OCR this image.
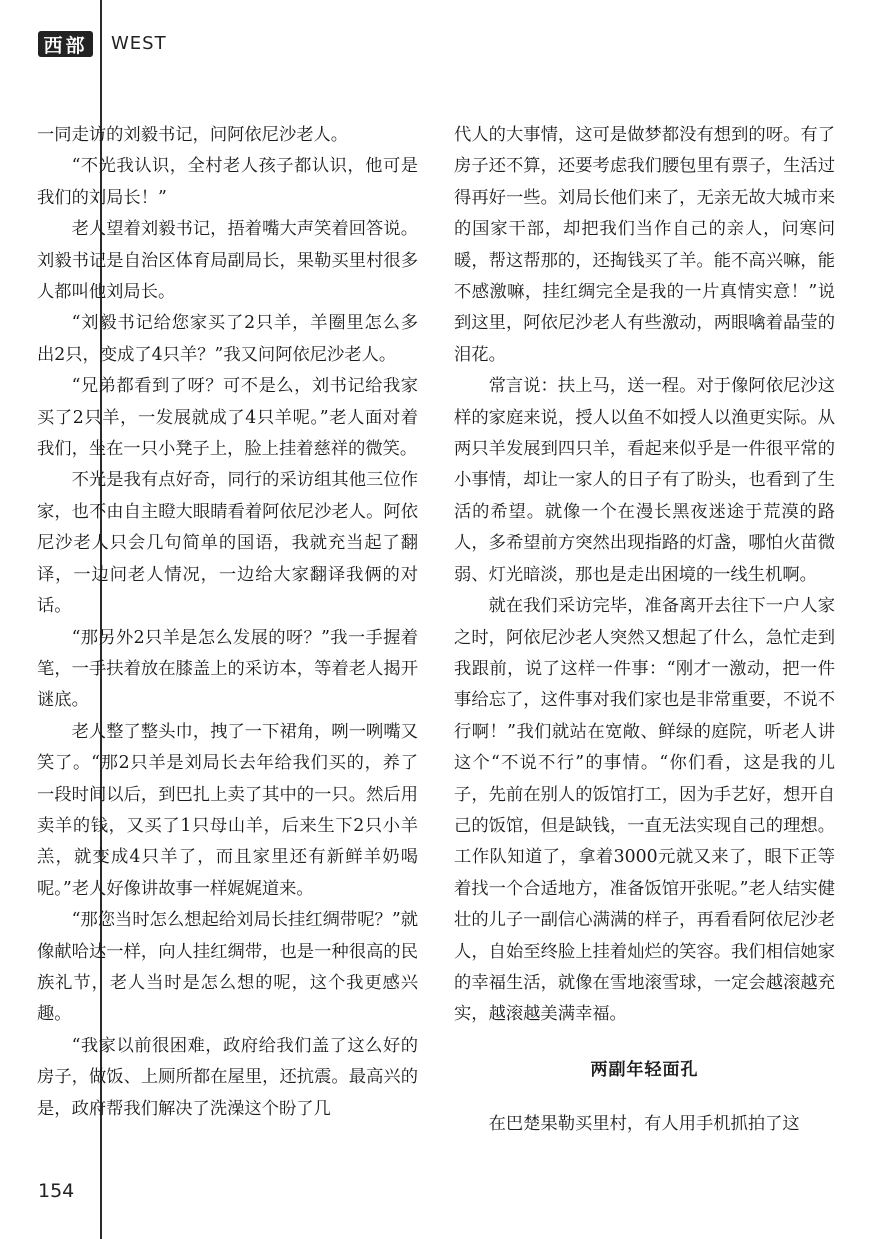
西部 WEST

一同走访的刘毅书记，问阿依尼沙老人。

“不光我认识，全村老人孩子都认识，他可是我们的刘局长！”

老人望着刘毅书记，捂着嘴大声笑着回答说。刘毅书记是自治区体育局副局长，果勒买里村很多人都叫他刘局长。

“刘毅书记给您家买了2只羊，羊圈里怎么多出2只，变成了4只羊？”我又问阿依尼沙老人。

“兄弟都看到了呀？可不是么，刘书记给我家买了2只羊，一发展就成了4只羊呢。”老人面对着我们，坐在一只小凳子上，脸上挂着慈祥的微笑。

不光是我有点好奇，同行的采访组其他三位作家，也不由自主瞪大眼睛看着阿依尼沙老人。阿依尼沙老人只会几句简单的国语，我就充当起了翻译，一边问老人情况，一边给大家翻译我俩的对话。

“那另外2只羊是怎么发展的呀？”我一手握着笔，一手扶着放在膝盖上的采访本，等着老人揭开谜底。

老人整了整头巾，拽了一下裙角，咧一咧嘴又笑了。“那2只羊是刘局长去年给我们买的，养了一段时间以后，到巴扎上卖了其中的一只。然后用卖羊的钱，又买了1只母山羊，后来生下2只小羊羔，就变成4只羊了，而且家里还有新鲜羊奶喝呢。”老人好像讲故事一样娓娓道来。

“那您当时怎么想起给刘局长挂红绸带呢？”就像献哈达一样，向人挂红绸带，也是一种很高的民族礼节，老人当时是怎么想的呢，这个我更感兴趣。

“我家以前很困难，政府给我们盖了这么好的房子，做饭、上厕所都在屋里，还抗震。最高兴的是，政府帮我们解决了洗澡这个盼了几

代人的大事情，这可是做梦都没有想到的呀。有了房子还不算，还要考虑我们腰包里有票子，生活过得再好一些。刘局长他们来了，无亲无故大城市来的国家干部，却把我们当作自己的亲人，问寒问暖，帮这帮那的，还掏钱买了羊。能不高兴嘛，能不感激嘛，挂红绸完全是我的一片真情实意！”说到这里，阿依尼沙老人有些激动，两眼噙着晶莹的泪花。

常言说：扶上马，送一程。对于像阿依尼沙这样的家庭来说，授人以鱼不如授人以渔更实际。从两只羊发展到四只羊，看起来似乎是一件很平常的小事情，却让一家人的日子有了盼头，也看到了生活的希望。就像一个在漫长黑夜迷途于荒漠的路人，多希望前方突然出现指路的灯盏，哪怕火苗微弱、灯光暗淡，那也是走出困境的一线生机啊。

就在我们采访完毕，准备离开去往下一户人家之时，阿依尼沙老人突然又想起了什么，急忙走到我跟前，说了这样一件事：“刚才一激动，把一件事给忘了，这件事对我们家也是非常重要，不说不行啊！”我们就站在宽敞、鲜绿的庭院，听老人讲这个“不说不行”的事情。“你们看，这是我的儿子，先前在别人的饭馆打工，因为手艺好，想开自己的饭馆，但是缺钱，一直无法实现自己的理想。工作队知道了，拿着3000元就又来了，眼下正等着找一个合适地方，准备饭馆开张呢。”老人结实健壮的儿子一副信心满满的样子，再看看阿依尼沙老人，自始至终脸上挂着灿烂的笑容。我们相信她家的幸福生活，就像在雪地滚雪球，一定会越滚越充实，越滚越美满幸福。

两副年轻面孔

在巴楚果勒买里村，有人用手机抓拍了这

154
